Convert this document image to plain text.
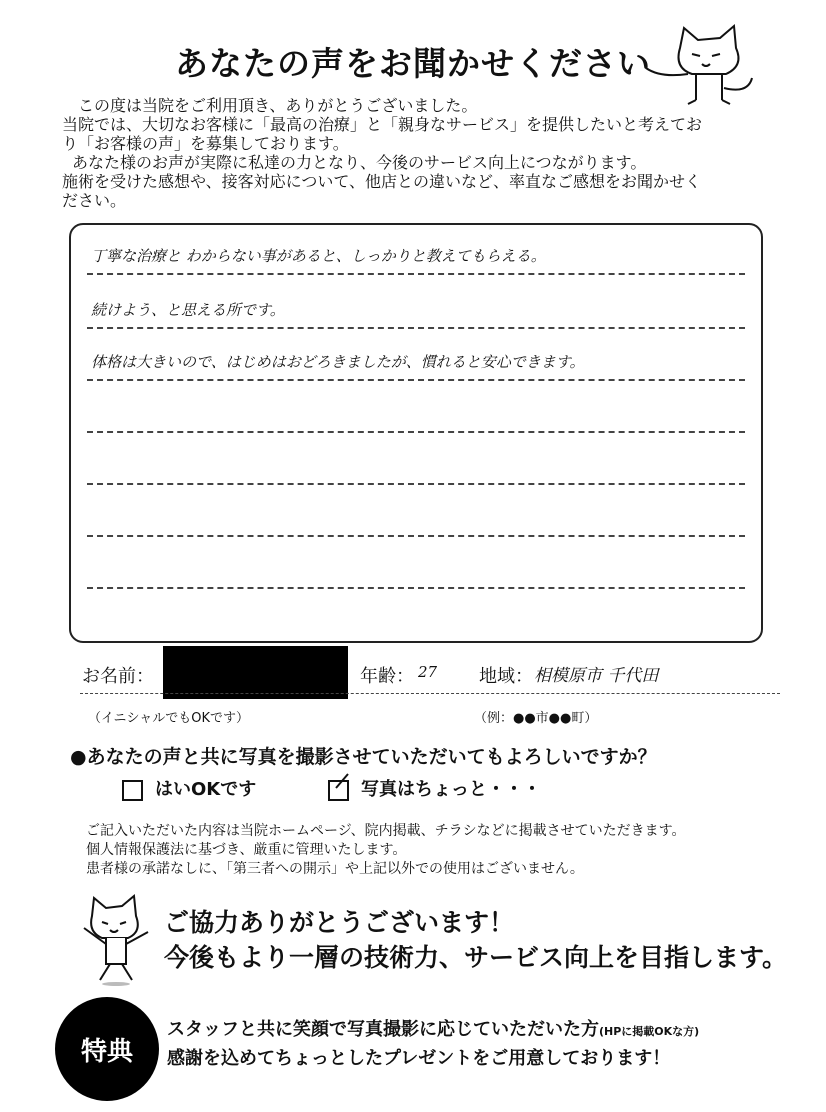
あなたの声をお聞かせください
この度は当院をご利用頂き、ありがとうございました。
当院では、大切なお客様に「最高の治療」と「親身なサービス」を提供したいと考えてお
り「お客様の声」を募集しております。
あなた様のお声が実際に私達の力となり、今後のサービス向上につながります。
施術を受けた感想や、接客対応について、他店との違いなど、率直なご感想をお聞かせく
ださい。
丁寧な治療と わからない事があると、しっかりと教えてもらえる。
続けよう、と思える所です。
体格は大きいので、はじめはおどろきましたが、慣れると安心できます。
お名前：	年齢： 27 地域： 相模原市 千代田
（イニシャルでもOKです）	（例：●●市●●町）
●あなたの声と共に写真を撮影させていただいてもよろしいですか？
はいOKです	写真はちょっと・・・
ご記入いただいた内容は当院ホームページ、院内掲載、チラシなどに掲載させていただきます。
個人情報保護法に基づき、厳重に管理いたします。
患者様の承諾なしに、「第三者への開示」や上記以外での使用はございません。
ご協力ありがとうございます！
今後もより一層の技術力、サービス向上を目指します。
特典
スタッフと共に笑顔で写真撮影に応じていただいた方(HPに掲載OKな方)
感謝を込めてちょっとしたプレゼントをご用意しております！
